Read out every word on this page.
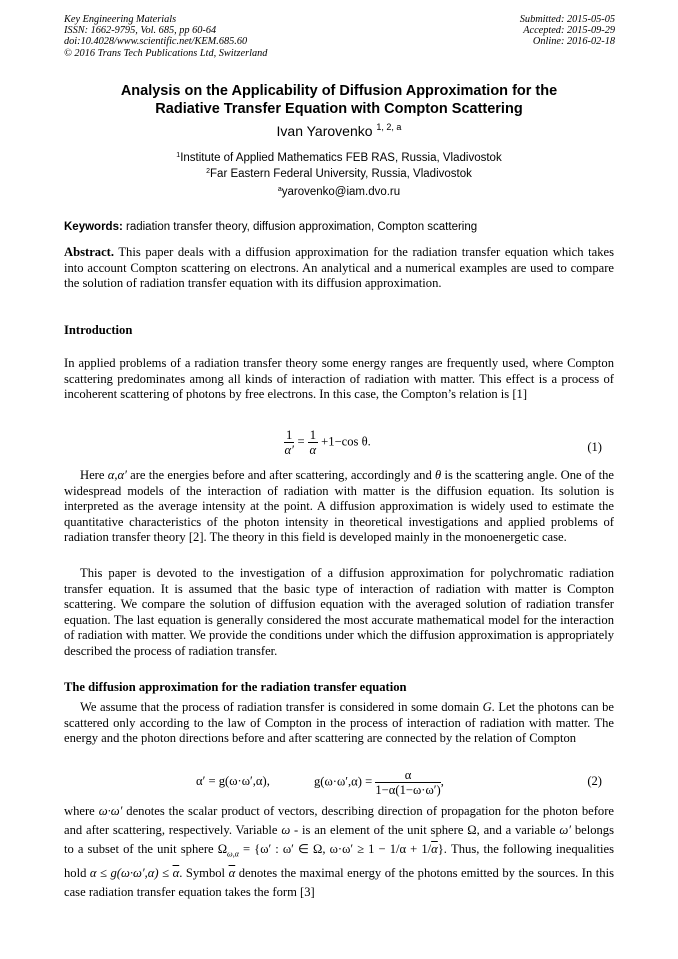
Key Engineering Materials
ISSN: 1662-9795, Vol. 685, pp 60-64
doi:10.4028/www.scientific.net/KEM.685.60
© 2016 Trans Tech Publications Ltd, Switzerland
Submitted: 2015-05-05
Accepted: 2015-09-29
Online: 2016-02-18
Analysis on the Applicability of Diffusion Approximation for the
Radiative Transfer Equation with Compton Scattering
Ivan Yarovenko $^{1, 2, a}$
$^1$Institute of Applied Mathematics FEB RAS, Russia, Vladivostok
$^2$Far Eastern Federal University, Russia, Vladivostok
$^a$yarovenko@iam.dvo.ru
Keywords: radiation transfer theory, diffusion approximation, Compton scattering
Abstract. This paper deals with a diffusion approximation for the radiation transfer equation which takes into account Compton scattering on electrons. An analytical and a numerical examples are used to compare the solution of radiation transfer equation with its diffusion approximation.
Introduction
In applied problems of a radiation transfer theory some energy ranges are frequently used, where Compton scattering predominates among all kinds of interaction of radiation with matter. This effect is a process of incoherent scattering of photons by free electrons. In this case, the Compton’s relation is [1]
$\frac{1}{\alpha'} = \frac{1}{\alpha} +1-\cos$ θ.	(1)
Here α,α′ are the energies before and after scattering, accordingly and θ is the scattering angle. One of the widespread models of the interaction of radiation with matter is the diffusion equation. Its solution is interpreted as the average intensity at the point. A diffusion approximation is widely used to estimate the quantitative characteristics of the photon intensity in theoretical investigations and applied problems of radiation transfer theory [2]. The theory in this field is developed mainly in the monoenergetic case.
This paper is devoted to the investigation of a diffusion approximation for polychromatic radiation transfer equation. It is assumed that the basic type of interaction of radiation with matter is Compton scattering. We compare the solution of diffusion equation with the averaged solution of radiation transfer equation. The last equation is generally considered the most accurate mathematical model for the interaction of radiation with matter. We provide the conditions under which the diffusion approximation is appropriately described the process of radiation transfer.
The diffusion approximation for the radiation transfer equation
We assume that the process of radiation transfer is considered in some domain G. Let the photons can be scattered only according to the law of Compton in the process of interaction of radiation with matter. The energy and the photon directions before and after scattering are connected by the relation of Compton
α′ = g(ω·ω′,α),	$g(\omega\cdot\omega',\alpha) = \frac{\alpha}{1-\alpha(1-\omega\cdot\omega')}$ ,	(2)
where ω·ω′ denotes the scalar product of vectors, describing direction of propagation for the photon before and after scattering, respectively. Variable ω - is an element of the unit sphere Ω, and a variable ω′ belongs to a subset of the unit sphere $\Omega_{\omega,\alpha} = \{\omega'$ : ω′ ∈ Ω, $\omega\cdot\omega' \ge 1 - 1/\alpha + 1/\overline{\alpha}$}. Thus, the following inequalities hold $\alpha \le g(\omega\cdot\omega',\alpha) \le \overline{\alpha}$. Symbol $\overline{\alpha}$ denotes the maximal energy of the photons emitted by the sources. In this case radiation transfer equation takes the form [3]
